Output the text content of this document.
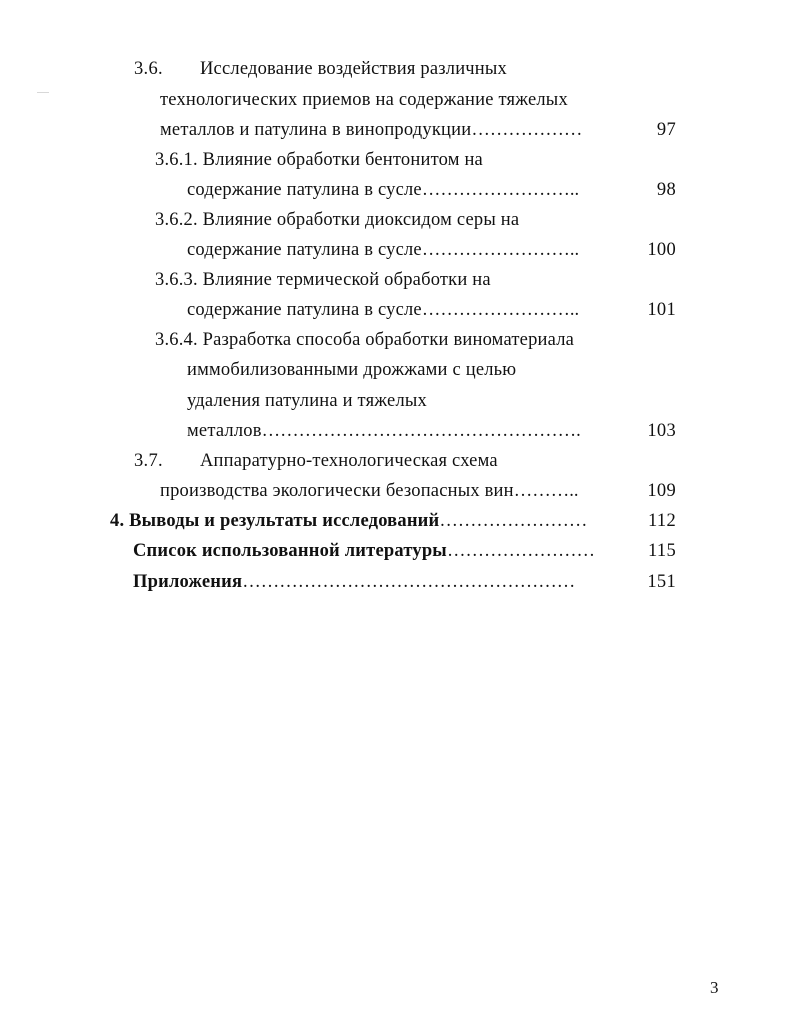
3.6. Исследование воздействия различных
технологических приемов на содержание тяжелых
металлов и патулина в винопродукции………………	97
3.6.1. Влияние обработки бентонитом на
содержание патулина в сусле……………………..	98
3.6.2. Влияние обработки диоксидом серы на
содержание патулина в сусле……………………..	100
3.6.3. Влияние термической обработки на
содержание патулина в сусле……………………..	101
3.6.4. Разработка способа обработки виноматериала
иммобилизованными дрожжами с целью
удаления патулина и тяжелых
металлов…………………………………………….	103
3.7. Аппаратурно-технологическая схема
производства экологически безопасных вин………..	109
4. Выводы и результаты исследований……………………	112
Список использованной литературы……………………	115
Приложения………………………………………………	151
3
